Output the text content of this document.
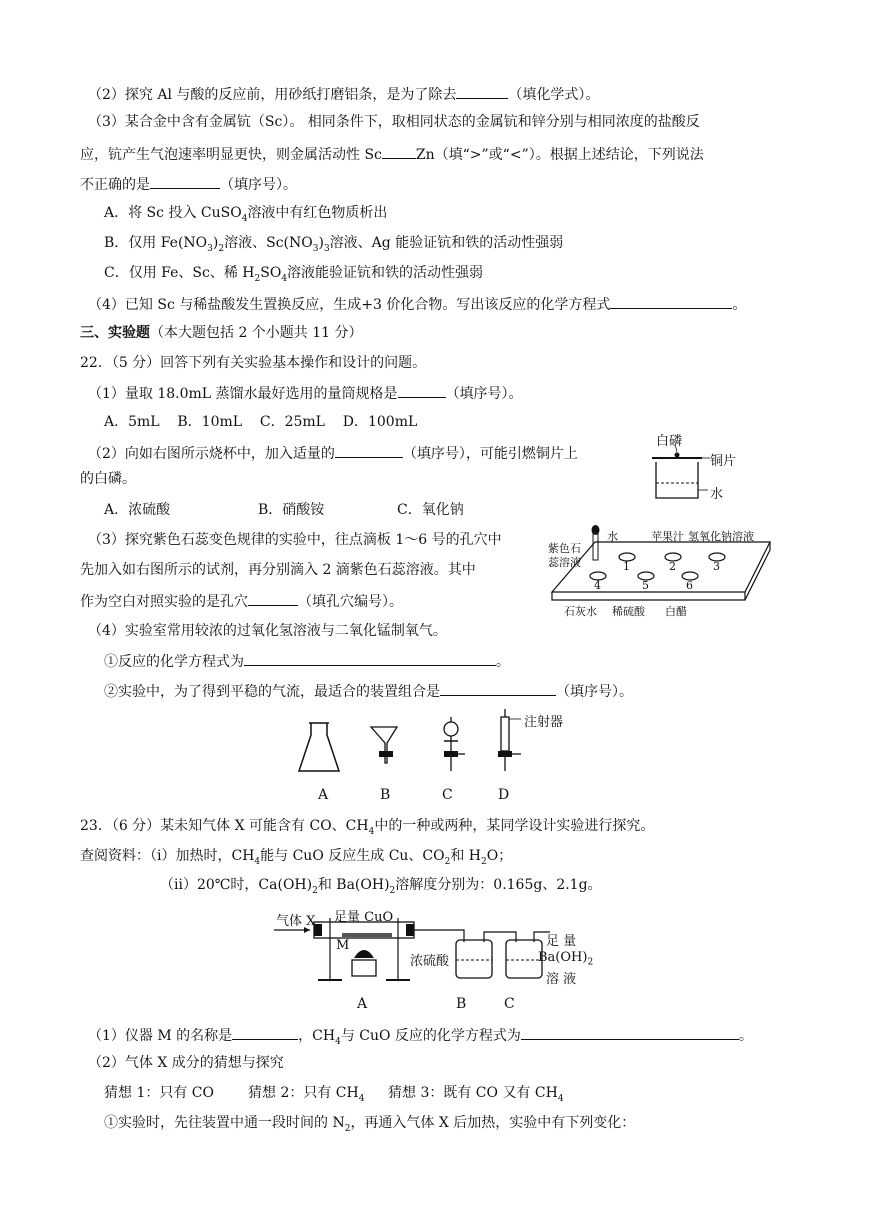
（2）探究 Al 与酸的反应前，用砂纸打磨铝条，是为了除去	（填化学式）。
（3）某合金中含有金属钪（Sc）。 相同条件下，取相同状态的金属钪和锌分别与相同浓度的盐酸反
应，钪产生气泡速率明显更快，则金属活动性 Sc Zn（填“>”或“<”）。根据上述结论，下列说法
不正确的是	（填序号）。
A．将 Sc 投入 CuSO$_4$溶液中有红色物质析出
B．仅用 $Fe(NO_3)_2$溶液、$Sc(NO_3)_3$溶液、Ag 能验证钪和铁的活动性强弱
C．仅用 Fe、Sc、稀 $H_2SO_4$溶液能验证钪和铁的活动性强弱
（4）已知 Sc 与稀盐酸发生置换反应，生成+3 价化合物。写出该反应的化学方程式	。
三、实验题（本大题包括 2 个小题共 11 分）
22．（5 分）回答下列有关实验基本操作和设计的问题。
（1）量取 18.0mL 蒸馏水最好选用的量筒规格是	（填序号）。
A．5mL    B．10mL    C．25mL    D．100mL
（2）向如右图所示烧杯中，加入适量的	（填序号），可能引燃铜片上
的白磷。
A．浓硫酸	B．硝酸铵	C．氧化钠
白磷
铜片
水
（3）探究紫色石蕊变色规律的实验中，往点滴板 1～6 号的孔穴中
先加入如右图所示的试剂，再分别滴入 2 滴紫色石蕊溶液。其中
作为空白对照实验的是孔穴	（填孔穴编号）。
紫色石
蕊溶液
水	苹果汁 氢氧化钠溶液
1	2	3
4	5	6
石灰水 稀硫酸 白醋
（4）实验室常用较浓的过氧化氢溶液与二氧化锰制氧气。
①反应的化学方程式为	。
②实验中，为了得到平稳的气流，最适合的装置组合是	（填序号）。
注射器
A	B	C	D
23．（6 分）某未知气体 X 可能含有 CO、$CH_4$中的一种或两种，某同学设计实验进行探究。
查阅资料：（ⅰ）加热时，$CH_4$能与 CuO 反应生成 Cu、$CO_2$和 $H_2O$；
（ⅱ）20℃时，$Ca(OH)_2$和 $Ba(OH)_2$溶解度分别为：0.165g、2.1g。
气体 X 足量 CuO
M
浓硫酸
足 量
$Ba(OH)_2$
溶 液
A	B	C
（1）仪器 M 的名称是	，$CH_4$与 CuO 反应的化学方程式为	。
（2）气体 X 成分的猜想与探究
猜想 1：只有 CO 猜想 2：只有 $CH_4$ 猜想 3：既有 CO 又有 $CH_4$
①实验时，先往装置中通一段时间的 $N_2$，再通入气体 X 后加热，实验中有下列变化：
